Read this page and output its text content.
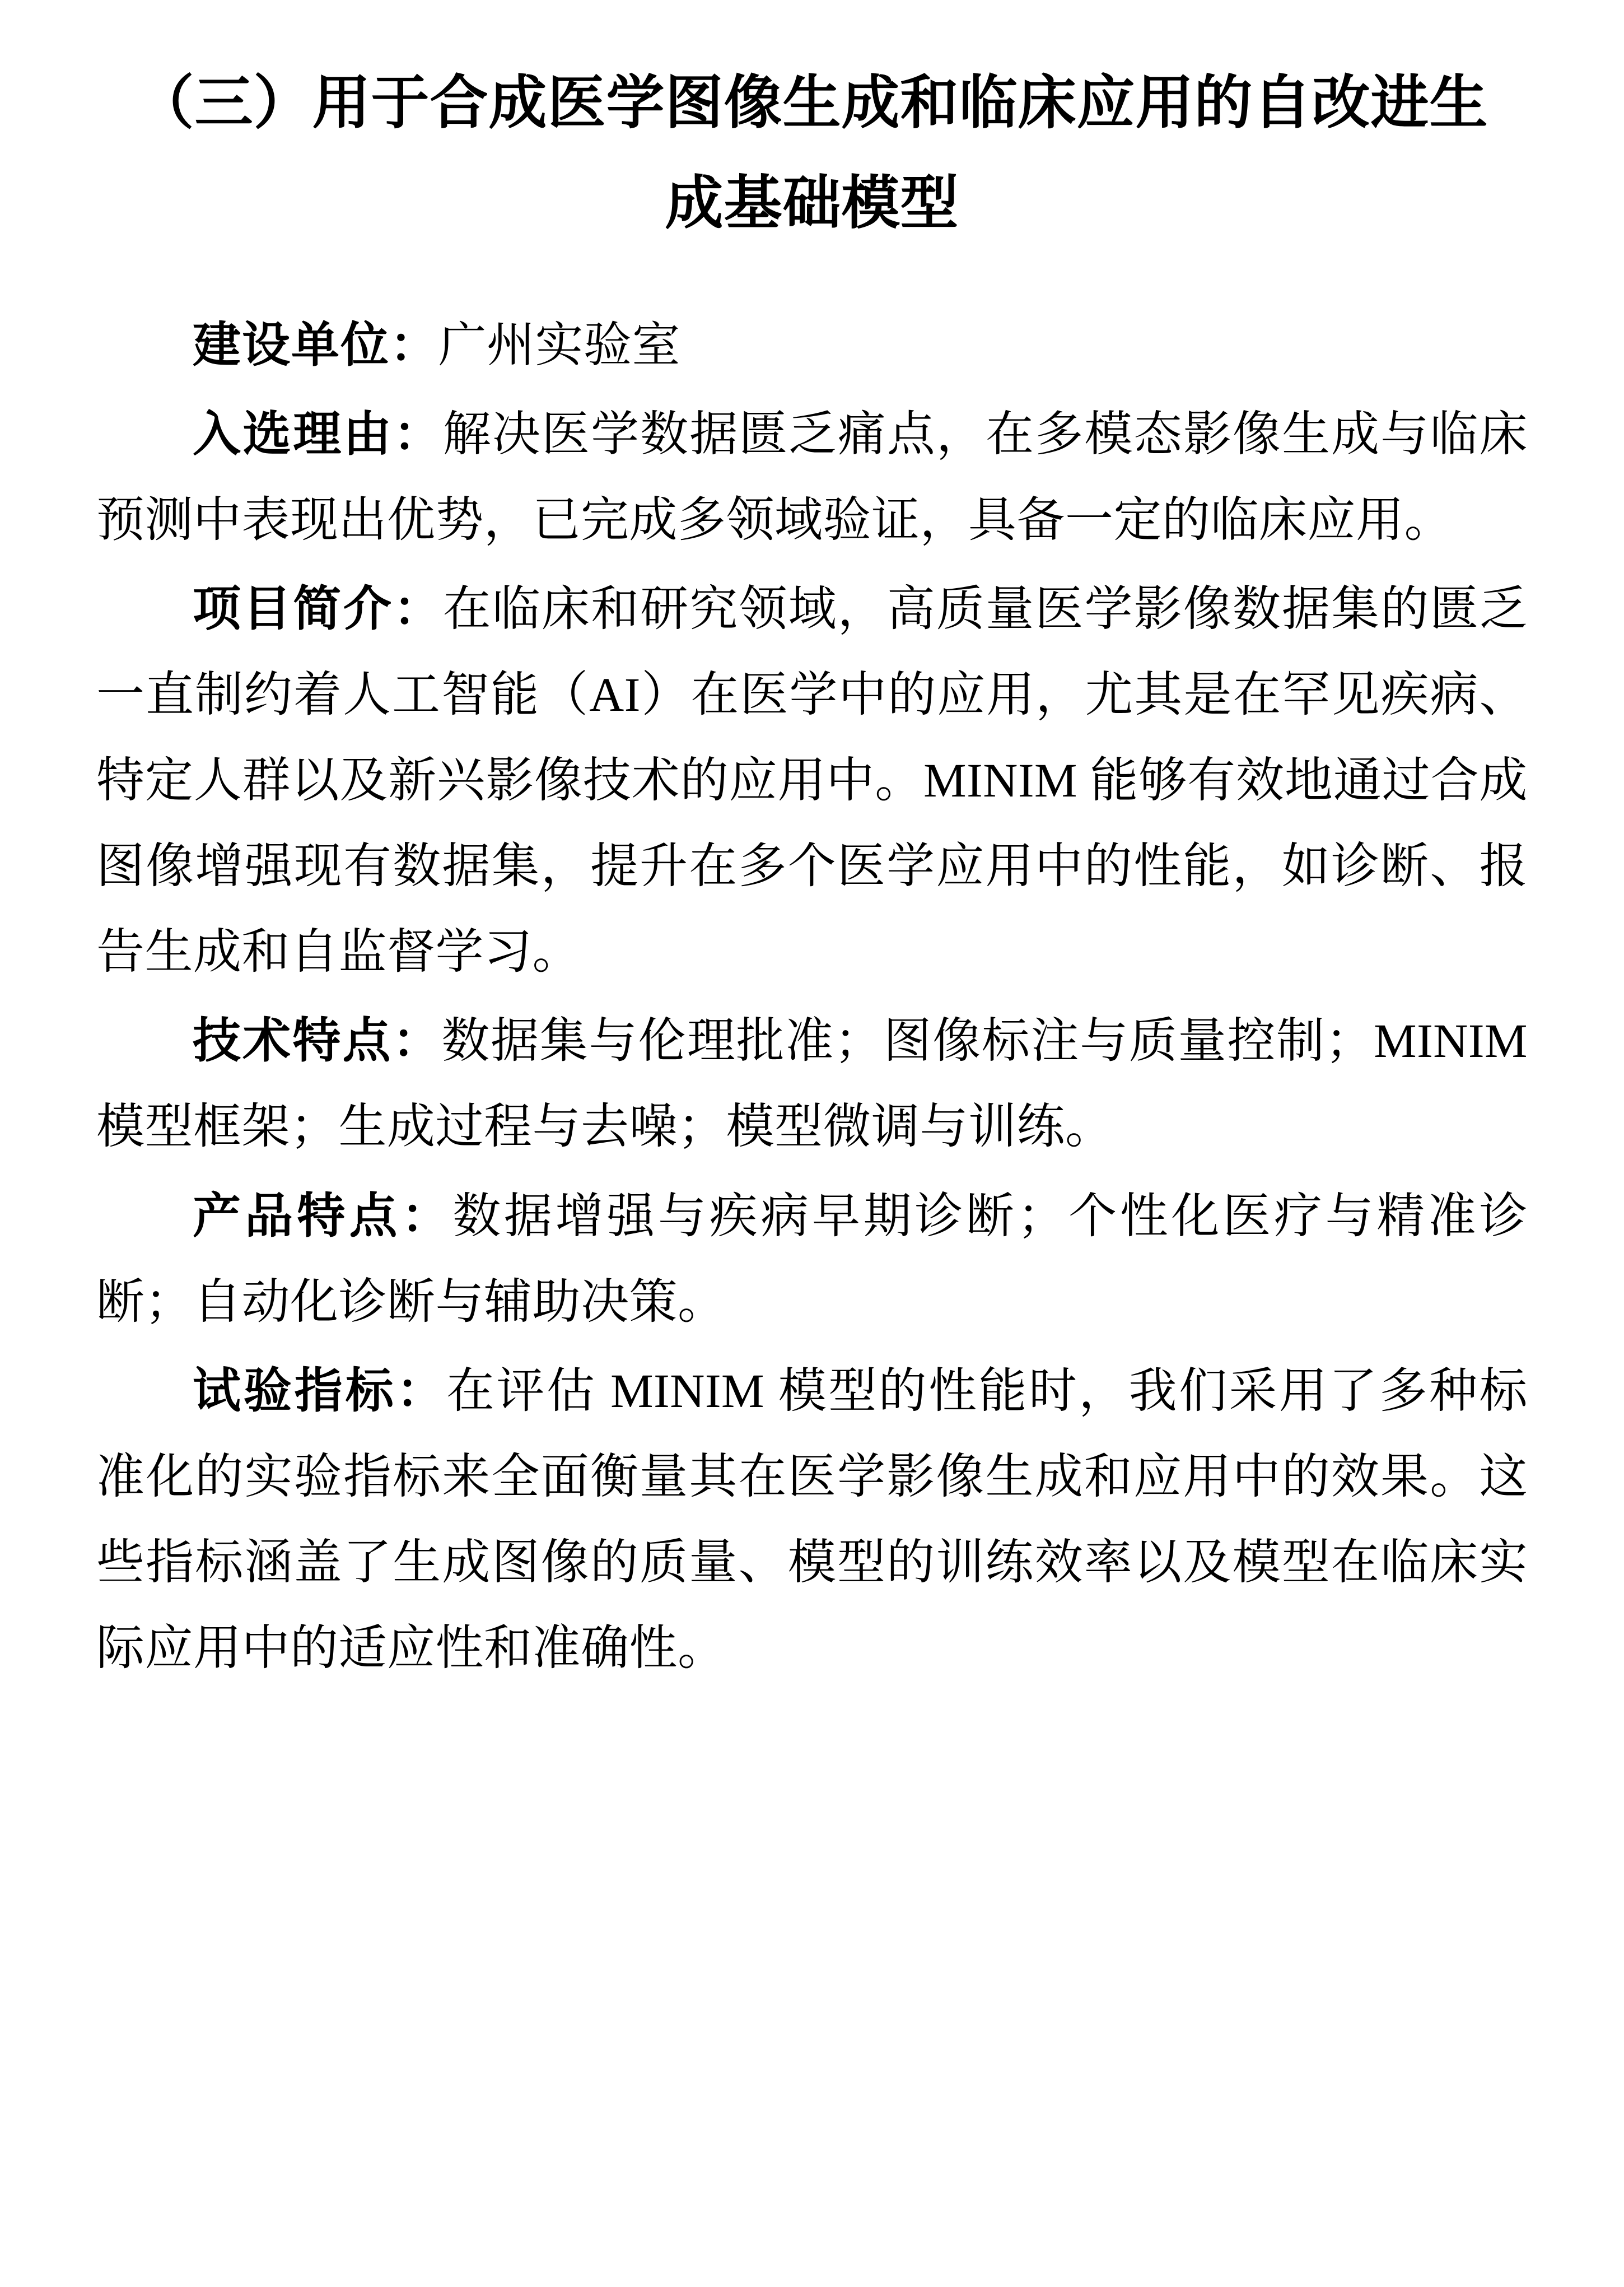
（三）用于合成医学图像生成和临床应用的自改进生成基础模型

建设单位：广州实验室

入选理由：解决医学数据匮乏痛点，在多模态影像生成与临床预测中表现出优势，已完成多领域验证，具备一定的临床应用。

项目简介：在临床和研究领域，高质量医学影像数据集的匮乏一直制约着人工智能（AI）在医学中的应用，尤其是在罕见疾病、特定人群以及新兴影像技术的应用中。MINIM 能够有效地通过合成图像增强现有数据集，提升在多个医学应用中的性能，如诊断、报告生成和自监督学习。

技术特点：数据集与伦理批准；图像标注与质量控制；MINIM 模型框架；生成过程与去噪；模型微调与训练。

产品特点：数据增强与疾病早期诊断；个性化医疗与精准诊断；自动化诊断与辅助决策。

试验指标：在评估 MINIM 模型的性能时，我们采用了多种标准化的实验指标来全面衡量其在医学影像生成和应用中的效果。这些指标涵盖了生成图像的质量、模型的训练效率以及模型在临床实际应用中的适应性和准确性。
